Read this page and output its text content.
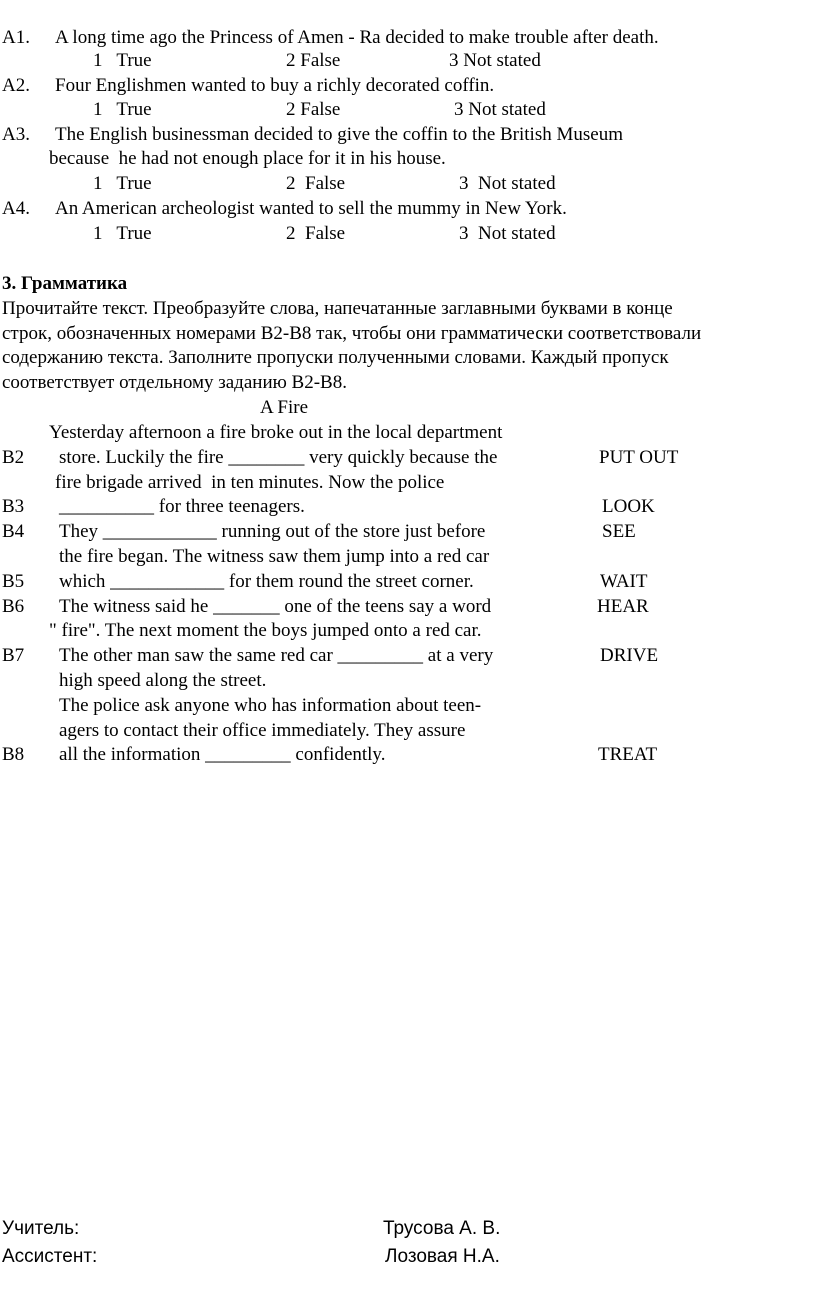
A1. A long time ago the Princess of Amen - Ra decided to make trouble after death.
1   True	2 False	3 Not stated
A2. Four Englishmen wanted to buy a richly decorated coffin.
1   True	2 False	3 Not stated
A3. The English businessman decided to give the coffin to the British Museum
because  he had not enough place for it in his house.
1   True	2  False	3  Not stated
A4. An American archeologist wanted to sell the mummy in New York.
1   True	2  False	3  Not stated
3. Грамматика
Прочитайте текст. Преобразуйте слова, напечатанные заглавными буквами в конце
строк, обозначенных номерами B2-B8 так, чтобы они грамматически соответствовали
содержанию текста. Заполните пропуски полученными словами. Каждый пропуск
соответствует отдельному заданию B2-B8.
A Fire
Yesterday afternoon a fire broke out in the local department
B2 store. Luckily the fire ________ very quickly because the	PUT OUT
fire brigade arrived  in ten minutes. Now the police
B3 __________ for three teenagers.	LOOK
B4 They ____________ running out of the store just before	SEE
the fire began. The witness saw them jump into a red car
B5 which ____________ for them round the street corner.	WAIT
B6 The witness said he _______ one of the teens say a word	HEAR
" fire". The next moment the boys jumped onto a red car.
B7 The other man saw the same red car _________ at a very	DRIVE
high speed along the street.
The police ask anyone who has information about teen-
agers to contact their office immediately. They assure
B8 all the information _________ confidently.	TREAT
Учитель:	Трусова А. В.
Ассистент:	Лозовая Н.А.
